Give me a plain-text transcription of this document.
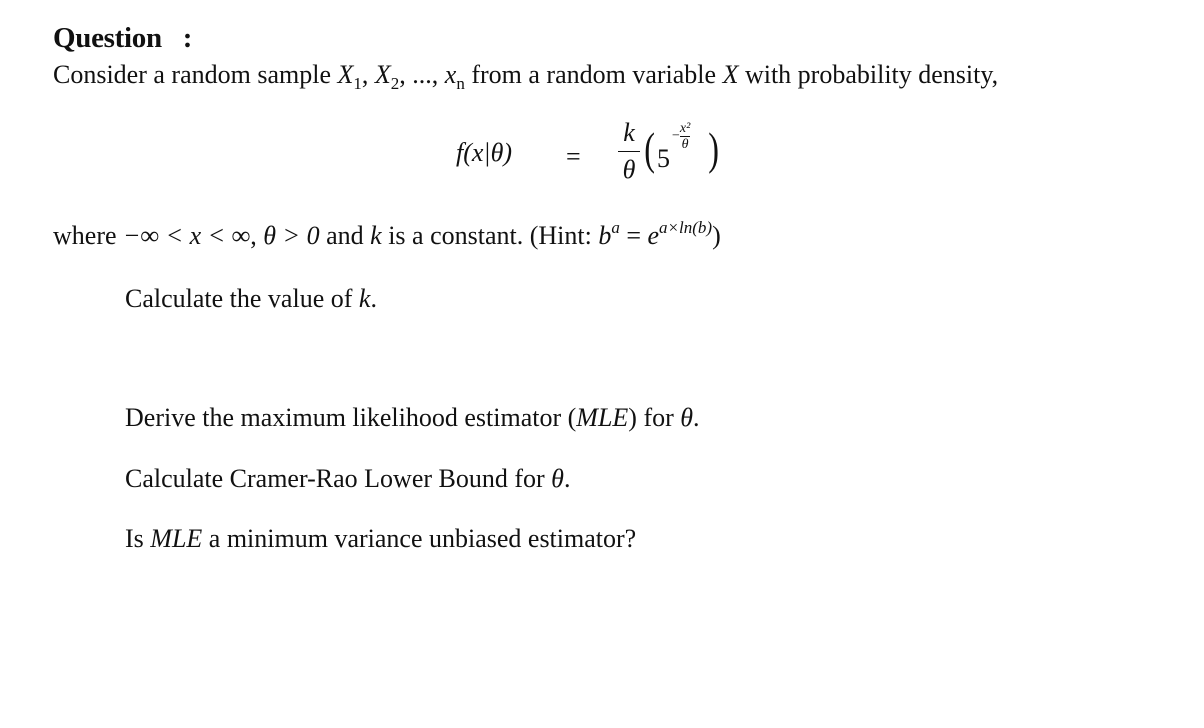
Question :
Consider a random sample $X_1$, $X_2$, ..., $x_n$ from a random variable X with probability density,
f(x|θ) =
k
θ ( 5
− $\frac{\text{x²}}{\theta}$ )
where −∞ < x < ∞, θ > 0 and k is a constant. (Hint: $b^a = e^{a\times ln(b)}$)
Calculate the value of k.
Derive the maximum likelihood estimator (MLE) for θ.
Calculate Cramer-Rao Lower Bound for θ.
Is MLE a minimum variance unbiased estimator?
